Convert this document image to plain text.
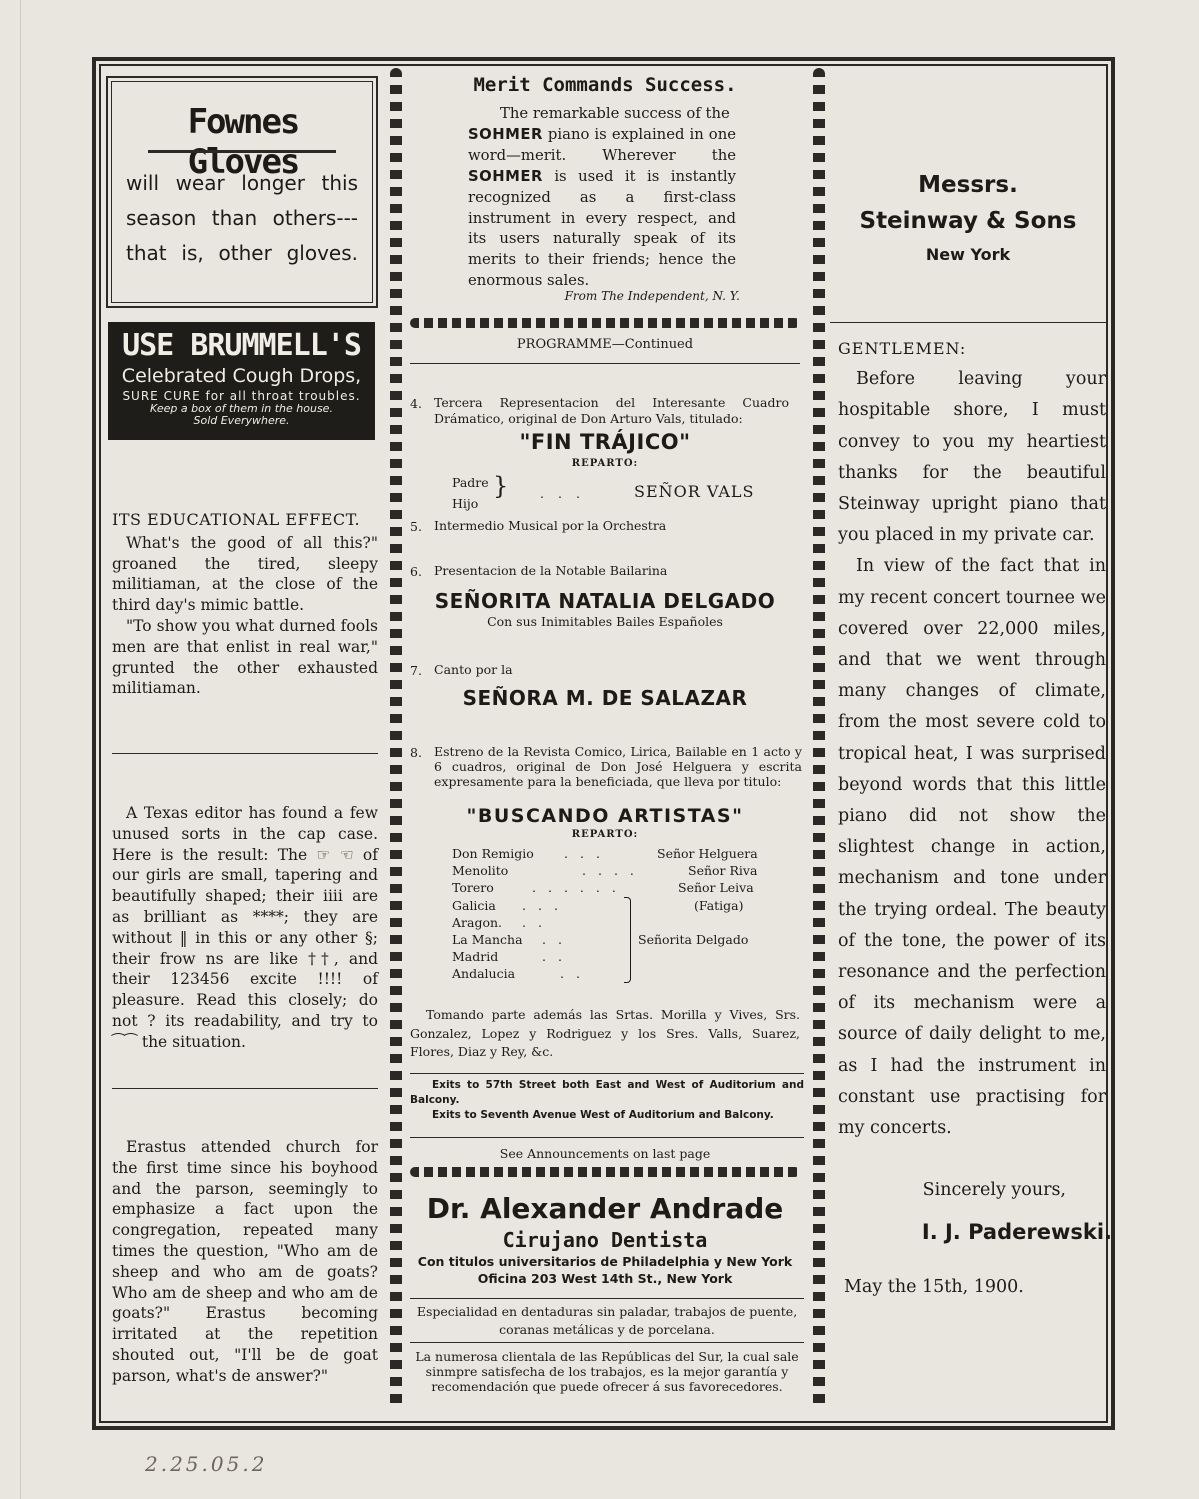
Fownes Gloves
will wear longer this
season than others---
that is, other gloves.
USE BRUMMELL'S
Celebrated Cough Drops,
SURE CURE for all throat troubles.
Keep a box of them in the house.
Sold Everywhere.

ITS EDUCATIONAL EFFECT.

What's the good of all this?" groaned the tired, sleepy militiaman, at the close of the third day's mimic battle.

"To show you what durned fools men are that enlist in real war," grunted the other exhausted militiaman.

A Texas editor has found a few unused sorts in the cap case. Here is the result: The ☞ ☜ of our girls are small, tapering and beautifully shaped; their iiii are as brilliant as ****; they are without ‖ in this or any other §; their frow ns are like ††, and their 123456 excite !!!! of pleasure. Read this closely; do not ? its readability, and try to ⁀⁀ the situation.

Erastus attended church for the first time since his boyhood and the parson, seemingly to emphasize a fact upon the congregation, repeated many times the question, "Who am de sheep and who am de goats? Who am de sheep and who am de goats?" Erastus becoming irritated at the repetition shouted out, "I'll be de goat parson, what's de answer?"

Merit Commands Success.
The remarkable success of the
SOHMER piano is explained in one word—merit. Wherever the SOHMER is used it is instantly recognized as a first-class instrument in every respect, and its users naturally speak of its merits to their friends; hence the enormous sales.
From The Independent, N. Y.
PROGRAMME—Continued
4. Tercera Representacion del Interesante Cuadro Drámatico, original de Don Arturo Vals, titulado:
"FIN TRÁJICO"
REPARTO:
Padre
Hijo
}	...	SEÑOR VALS
5. Intermedio Musical por la Orchestra
6. Presentacion de la Notable Bailarina
SEÑORITA NATALIA DELGADO
Con sus Inimitables Bailes Españoles
7. Canto por la
SEÑORA M. DE SALAZAR
8. Estreno de la Revista Comico, Lirica, Bailable en 1 acto y 6 cuadros, original de Don José Helguera y escrita expresamente para la beneficiada, que lleva por titulo:
"BUSCANDO ARTISTAS"
REPARTO:
Don Remigio ...	Señor Helguera
Menolito	....	Señor Riva
Torero	......	Señor Leiva
Galicia ...	(Fatiga)
Aragon. ..
La Mancha ..	Señorita Delgado
Madrid	..
Andalucia	..
Tomando parte además las Srtas. Morilla y Vives, Srs. Gonzalez, Lopez y Rodriguez y los Sres. Valls, Suarez, Flores, Diaz y Rey, &c.
Exits to 57th Street both East and West of Auditorium and Balcony.
Exits to Seventh Avenue West of Auditorium and Balcony.
See Announcements on last page
Dr. Alexander Andrade
Cirujano Dentista
Con titulos universitarios de Philadelphia y New York
Oficina 203 West 14th St., New York
Especialidad en dentaduras sin paladar, trabajos de puente, coranas metálicas y de porcelana.
La numerosa clientala de las Repúblicas del Sur, la cual sale sinmpre satisfecha de los trabajos, es la mejor garantía y recomendación que puede ofrecer á sus favorecedores.
Messrs.
Steinway & Sons
New York

GENTLEMEN:

Before leaving your hospitable shore, I must convey to you my heartiest thanks for the beautiful Steinway upright piano that you placed in my private car.

In view of the fact that in my recent concert tournee we covered over 22,000 miles, and that we went through many changes of climate, from the most severe cold to tropical heat, I was surprised beyond words that this little piano did not show the slightest change in action, mechanism and tone under the trying ordeal. The beauty of the tone, the power of its resonance and the perfection of its mechanism were a source of daily delight to me, as I had the instrument in constant use practising for my concerts.

Sincerely yours,
I. J. Paderewski.
May the 15th, 1900.
2.25.05.2
